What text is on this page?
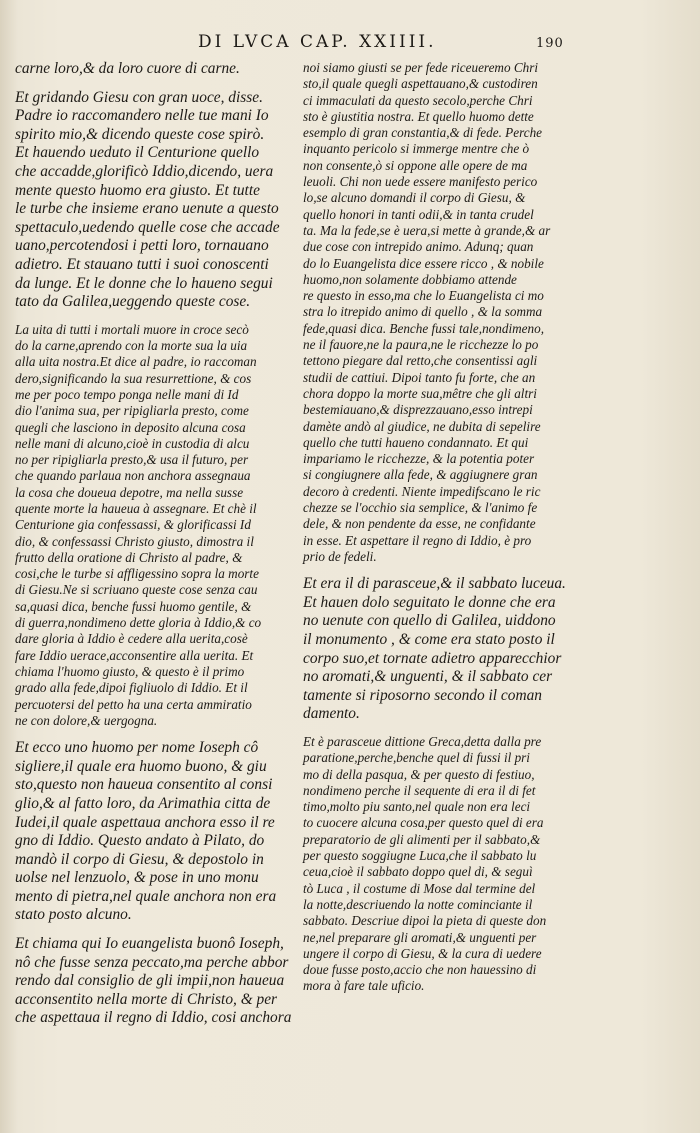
DI LVCA CAP. XXIIII.	190
carne loro,& da loro cuore di carne.
Et gridando Giesu con gran uoce, disse.
Padre io raccomandero nelle tue mani Io
spirito mio,& dicendo queste cose spirò.
Et hauendo ueduto il Centurione quello
che accadde,glorificò Iddio,dicendo, uera
mente questo huomo era giusto. Et tutte
le turbe che insieme erano uenute a questo
spettaculo,uedendo quelle cose che accade
uano,percotendosi i petti loro, tornauano
adietro. Et stauano tutti i suoi conoscenti
da lunge. Et le donne che lo haueno segui
tato da Galilea,ueggendo queste cose.
La uita di tutti i mortali muore in croce secò
do la carne,aprendo con la morte sua la uia
alla uita nostra.Et dice al padre, io raccoman
dero,significando la sua resurrettione, & cos
me per poco tempo ponga nelle mani di Id
dio l'anima sua, per ripigliarla presto, come
quegli che lasciono in deposito alcuna cosa
nelle mani di alcuno,cioè in custodia di alcu
no per ripigliarla presto,& usa il futuro, per
che quando parlaua non anchora assegnaua
la cosa che doueua depotre, ma nella susse
quente morte la haueua à assegnare. Et chè il
Centurione gia confessassi, & glorificassi Id
dio, & confessassi Christo giusto, dimostra il
frutto della oratione di Christo al padre, &
cosi,che le turbe si affligessino sopra la morte
di Giesu.Ne si scriuano queste cose senza cau
sa,quasi dica, benche fussi huomo gentile, &
di guerra,nondimeno dette gloria à Iddio,& co
dare gloria à Iddio è cedere alla uerita,cosè
fare Iddio uerace,acconsentire alla uerita. Et
chiama l'huomo giusto, & questo è il primo
grado alla fede,dipoi figliuolo di Iddio. Et il
percuotersi del petto ha una certa ammiratio
ne con dolore,& uergogna.
Et ecco uno huomo per nome Ioseph cô
sigliere,il quale era huomo buono, & giu
sto,questo non haueua consentito al consi
glio,& al fatto loro, da Arimathia citta de
Iudei,il quale aspettaua anchora esso il re
gno di Iddio. Questo andato à Pilato, do
mandò il corpo di Giesu, & depostolo in
uolse nel lenzuolo, & pose in uno monu
mento di pietra,nel quale anchora non era
stato posto alcuno.
Et chiama qui Io euangelista buonô Ioseph,
nô che fusse senza peccato,ma perche abbor
rendo dal consiglio de gli impii,non haueua
acconsentito nella morte di Christo, & per
che aspettaua il regno di Iddio, cosi anchora
noi siamo giusti se per fede riceueremo Chri
sto,il quale quegli aspettauano,& custodiren
ci immaculati da questo secolo,perche Chri
sto è giustitia nostra. Et quello huomo dette
esemplo di gran constantia,& di fede. Perche
inquanto pericolo si immerge mentre che ò
non consente,ò si oppone alle opere de ma
leuoli. Chi non uede essere manifesto perico
lo,se alcuno domandi il corpo di Giesu, &
quello honori in tanti odii,& in tanta crudel
ta. Ma la fede,se è uera,si mette à grande,& ar
due cose con intrepido animo. Adunq; quan
do lo Euangelista dice essere ricco , & nobile
huomo,non solamente dobbiamo attende
re questo in esso,ma che lo Euangelista ci mo
stra lo itrepido animo di quello , & la somma
fede,quasi dica. Benche fussi tale,nondimeno,
ne il fauore,ne la paura,ne le ricchezze lo po
tettono piegare dal retto,che consentissi agli
studii de cattiui. Dipoi tanto fu forte, che an
chora doppo la morte sua,mêtre che gli altri
bestemiauano,& disprezzauano,esso intrepi
damète andò al giudice, ne dubita di sepelire
quello che tutti haueno condannato. Et qui
impariamo le ricchezze, & la potentia poter
si congiugnere alla fede, & aggiugnere gran
decoro à credenti. Niente impedifscano le ric
chezze se l'occhio sia semplice, & l'animo fe
dele, & non pendente da esse, ne confidante
in esse. Et aspettare il regno di Iddio, è pro
prio de fedeli.
Et era il di parasceue,& il sabbato luceua.
Et hauen dolo seguitato le donne che era
no uenute con quello di Galilea, uiddono
il monumento , & come era stato posto il
corpo suo,et tornate adietro apparecchior
no aromati,& unguenti, & il sabbato cer
tamente si riposorno secondo il coman
damento.
Et è parasceue dittione Greca,detta dalla pre
paratione,perche,benche quel di fussi il pri
mo di della pasqua, & per questo di festiuo,
nondimeno perche il sequente di era il di fet
timo,molto piu santo,nel quale non era leci
to cuocere alcuna cosa,per questo quel di era
preparatorio de gli alimenti per il sabbato,&
per questo soggiugne Luca,che il sabbato lu
ceua,cioè il sabbato doppo quel di, & seguì
tò Luca , il costume di Mose dal termine del
la notte,descriuendo la notte cominciante il
sabbato. Descriue dipoi la pieta di queste don
ne,nel preparare gli aromati,& unguenti per
ungere il corpo di Giesu, & la cura di uedere
doue fusse posto,accio che non hauessino di
mora à fare tale uficio.
